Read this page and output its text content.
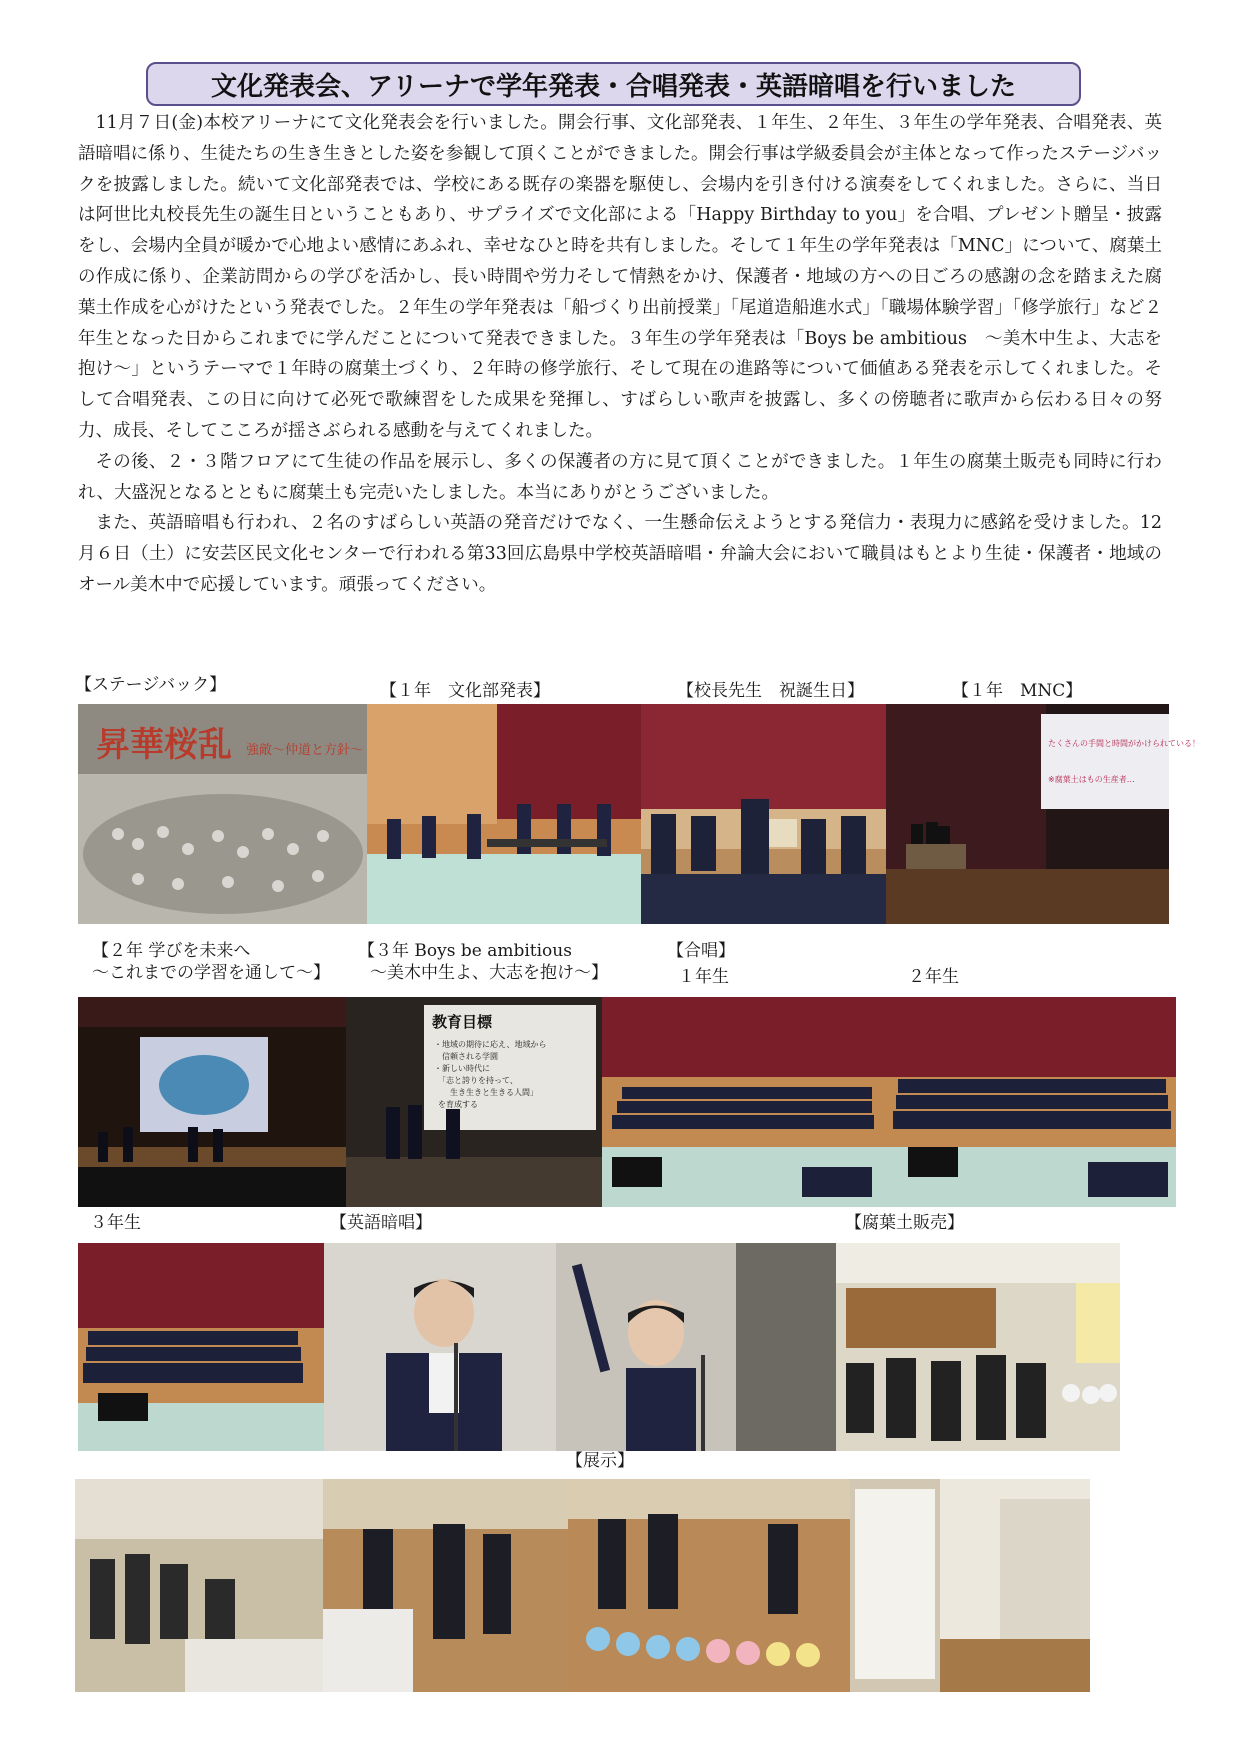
文化発表会、アリーナで学年発表・合唱発表・英語暗唱を行いました

11月７日(金)本校アリーナにて文化発表会を行いました。開会行事、文化部発表、１年生、２年生、３年生の学年発表、合唱発表、英語暗唱に係り、生徒たちの生き生きとした姿を参観して頂くことができました。開会行事は学級委員会が主体となって作ったステージバックを披露しました。続いて文化部発表では、学校にある既存の楽器を駆使し、会場内を引き付ける演奏をしてくれました。さらに、当日は阿世比丸校長先生の誕生日ということもあり、サプライズで文化部による「Happy Birthday to you」を合唱、プレゼント贈呈・披露をし、会場内全員が暖かで心地よい感情にあふれ、幸せなひと時を共有しました。そして１年生の学年発表は「MNC」について、腐葉土の作成に係り、企業訪問からの学びを活かし、長い時間や労力そして情熱をかけ、保護者・地域の方への日ごろの感謝の念を踏まえた腐葉土作成を心がけたという発表でした。２年生の学年発表は「船づくり出前授業」「尾道造船進水式」「職場体験学習」「修学旅行」など２年生となった日からこれまでに学んだことについて発表できました。３年生の学年発表は「Boys be ambitious　～美木中生よ、大志を抱け～」というテーマで１年時の腐葉土づくり、２年時の修学旅行、そして現在の進路等について価値ある発表を示してくれました。そして合唱発表、この日に向けて必死で歌練習をした成果を発揮し、すばらしい歌声を披露し、多くの傍聴者に歌声から伝わる日々の努力、成長、そしてこころが揺さぶられる感動を与えてくれました。

その後、２・３階フロアにて生徒の作品を展示し、多くの保護者の方に見て頂くことができました。１年生の腐葉土販売も同時に行われ、大盛況となるとともに腐葉土も完売いたしました。本当にありがとうございました。

また、英語暗唱も行われ、２名のすばらしい英語の発音だけでなく、一生懸命伝えようとする発信力・表現力に感銘を受けました。12月６日（土）に安芸区民文化センターで行われる第33回広島県中学校英語暗唱・弁論大会において職員はもとより生徒・保護者・地域のオール美木中で応援しています。頑張ってください。

【ステージバック】	【１年　文化部発表】	【校長先生　祝誕生日】	【１年　MNC】
昇華桜乱 強敵～仲道と方針～	たくさんの手間と時間がかけられている！
※腐葉土はもの生産者…
【２年 学びを未来へ
～これまでの学習を通して～】
【３年 Boys be ambitious
～美木中生よ、大志を抱け～】
【合唱】
１年生	２年生
教育目標
・地域の期待に応え、地域から
　信頼される学園
・新しい時代に
「志と誇りを持って、
　生き生きと生きる人間」
を育成する
３年生	【英語暗唱】	【腐葉土販売】
【展示】
